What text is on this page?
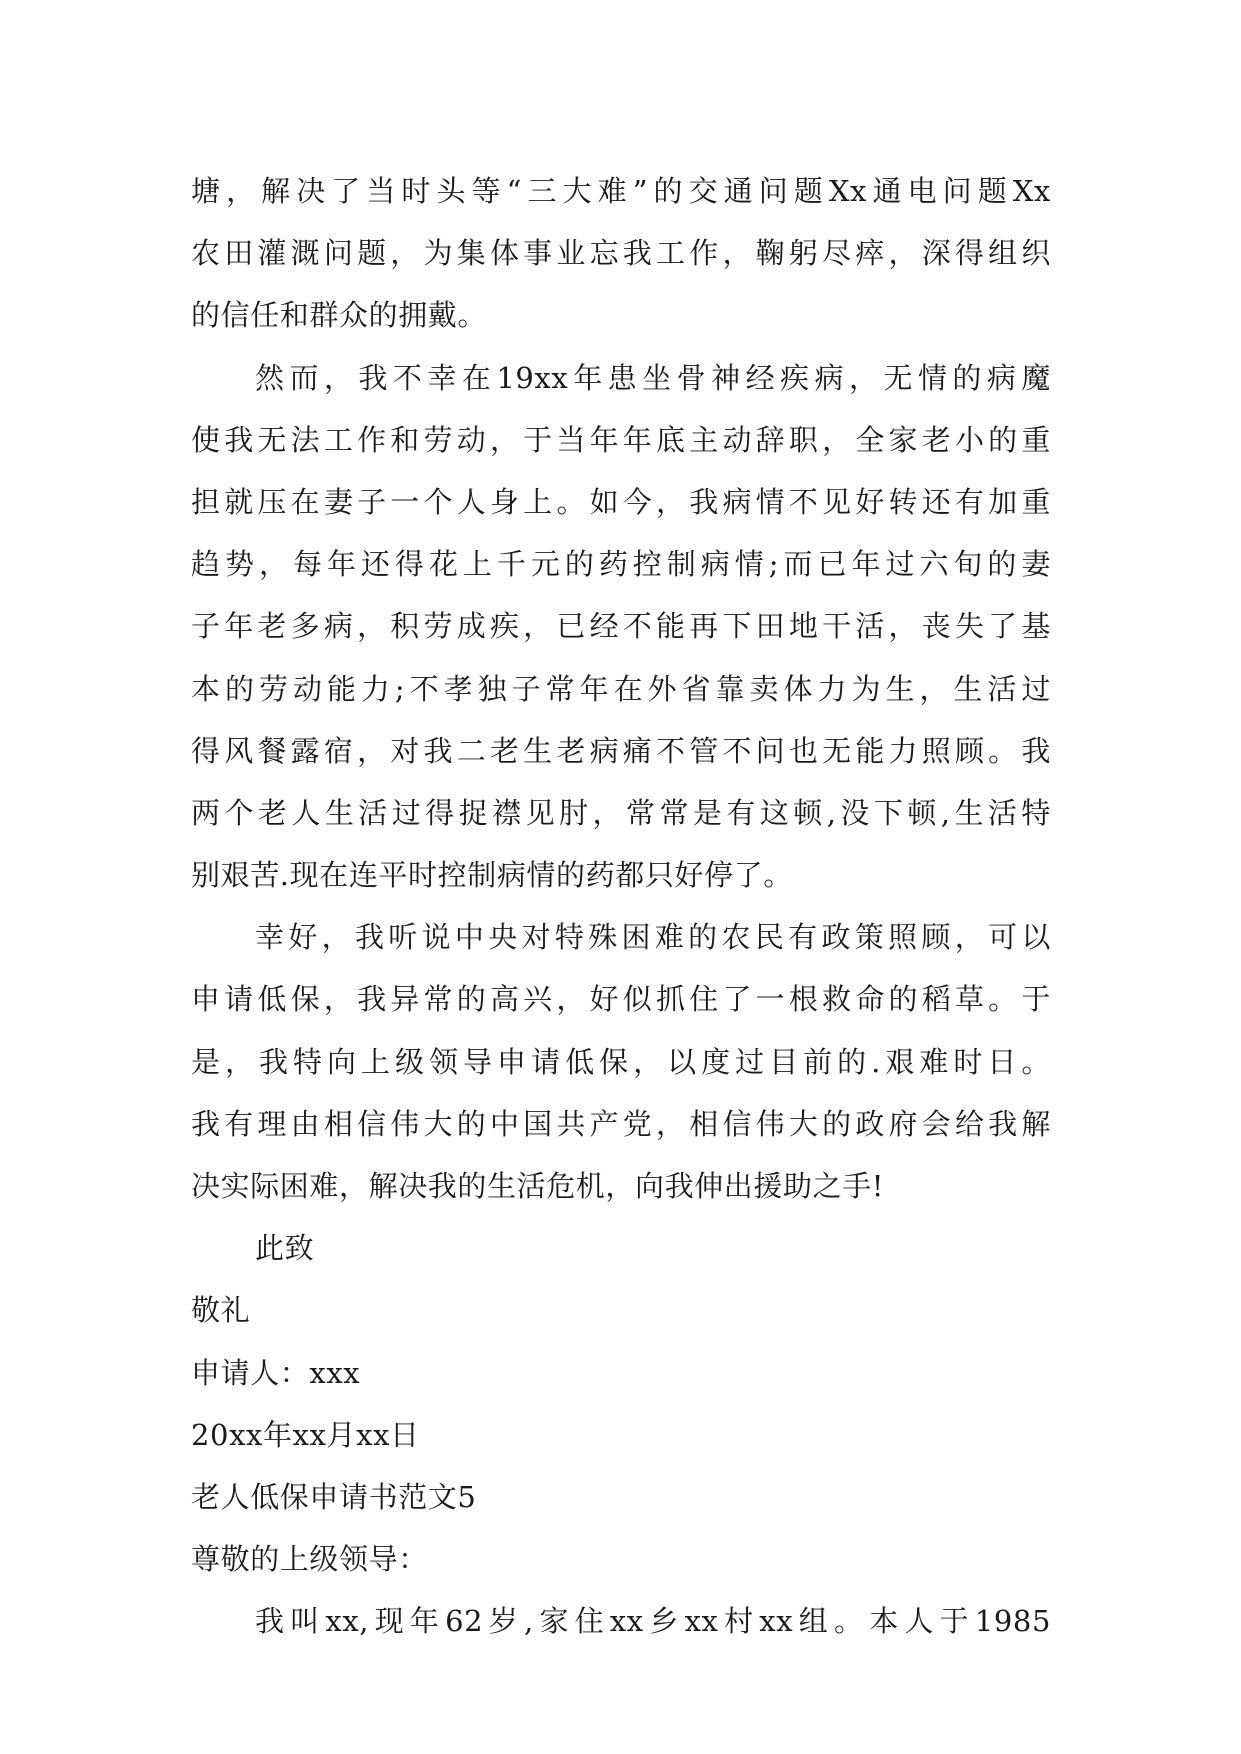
塘，解决了当时头等“三大难”的交通问题Xx通电问题Xx
农田灌溉问题，为集体事业忘我工作，鞠躬尽瘁，深得组织
的信任和群众的拥戴。
然而，我不幸在19xx年患坐骨神经疾病，无情的病魔
使我无法工作和劳动，于当年年底主动辞职，全家老小的重
担就压在妻子一个人身上。如今，我病情不见好转还有加重
趋势，每年还得花上千元的药控制病情;而已年过六旬的妻
子年老多病，积劳成疾，已经不能再下田地干活，丧失了基
本的劳动能力;不孝独子常年在外省靠卖体力为生，生活过
得风餐露宿，对我二老生老病痛不管不问也无能力照顾。我
两个老人生活过得捉襟见肘，常常是有这顿,没下顿,生活特
别艰苦.现在连平时控制病情的药都只好停了。
幸好，我听说中央对特殊困难的农民有政策照顾，可以
申请低保，我异常的高兴，好似抓住了一根救命的稻草。于
是，我特向上级领导申请低保，以度过目前的.艰难时日。
我有理由相信伟大的中国共产党，相信伟大的政府会给我解
决实际困难，解决我的生活危机，向我伸出援助之手!
此致
敬礼
申请人：xxx
20xx年xx月xx日
老人低保申请书范文5
尊敬的上级领导：
我叫xx,现年62岁,家住xx乡xx村xx组。本人于1985
